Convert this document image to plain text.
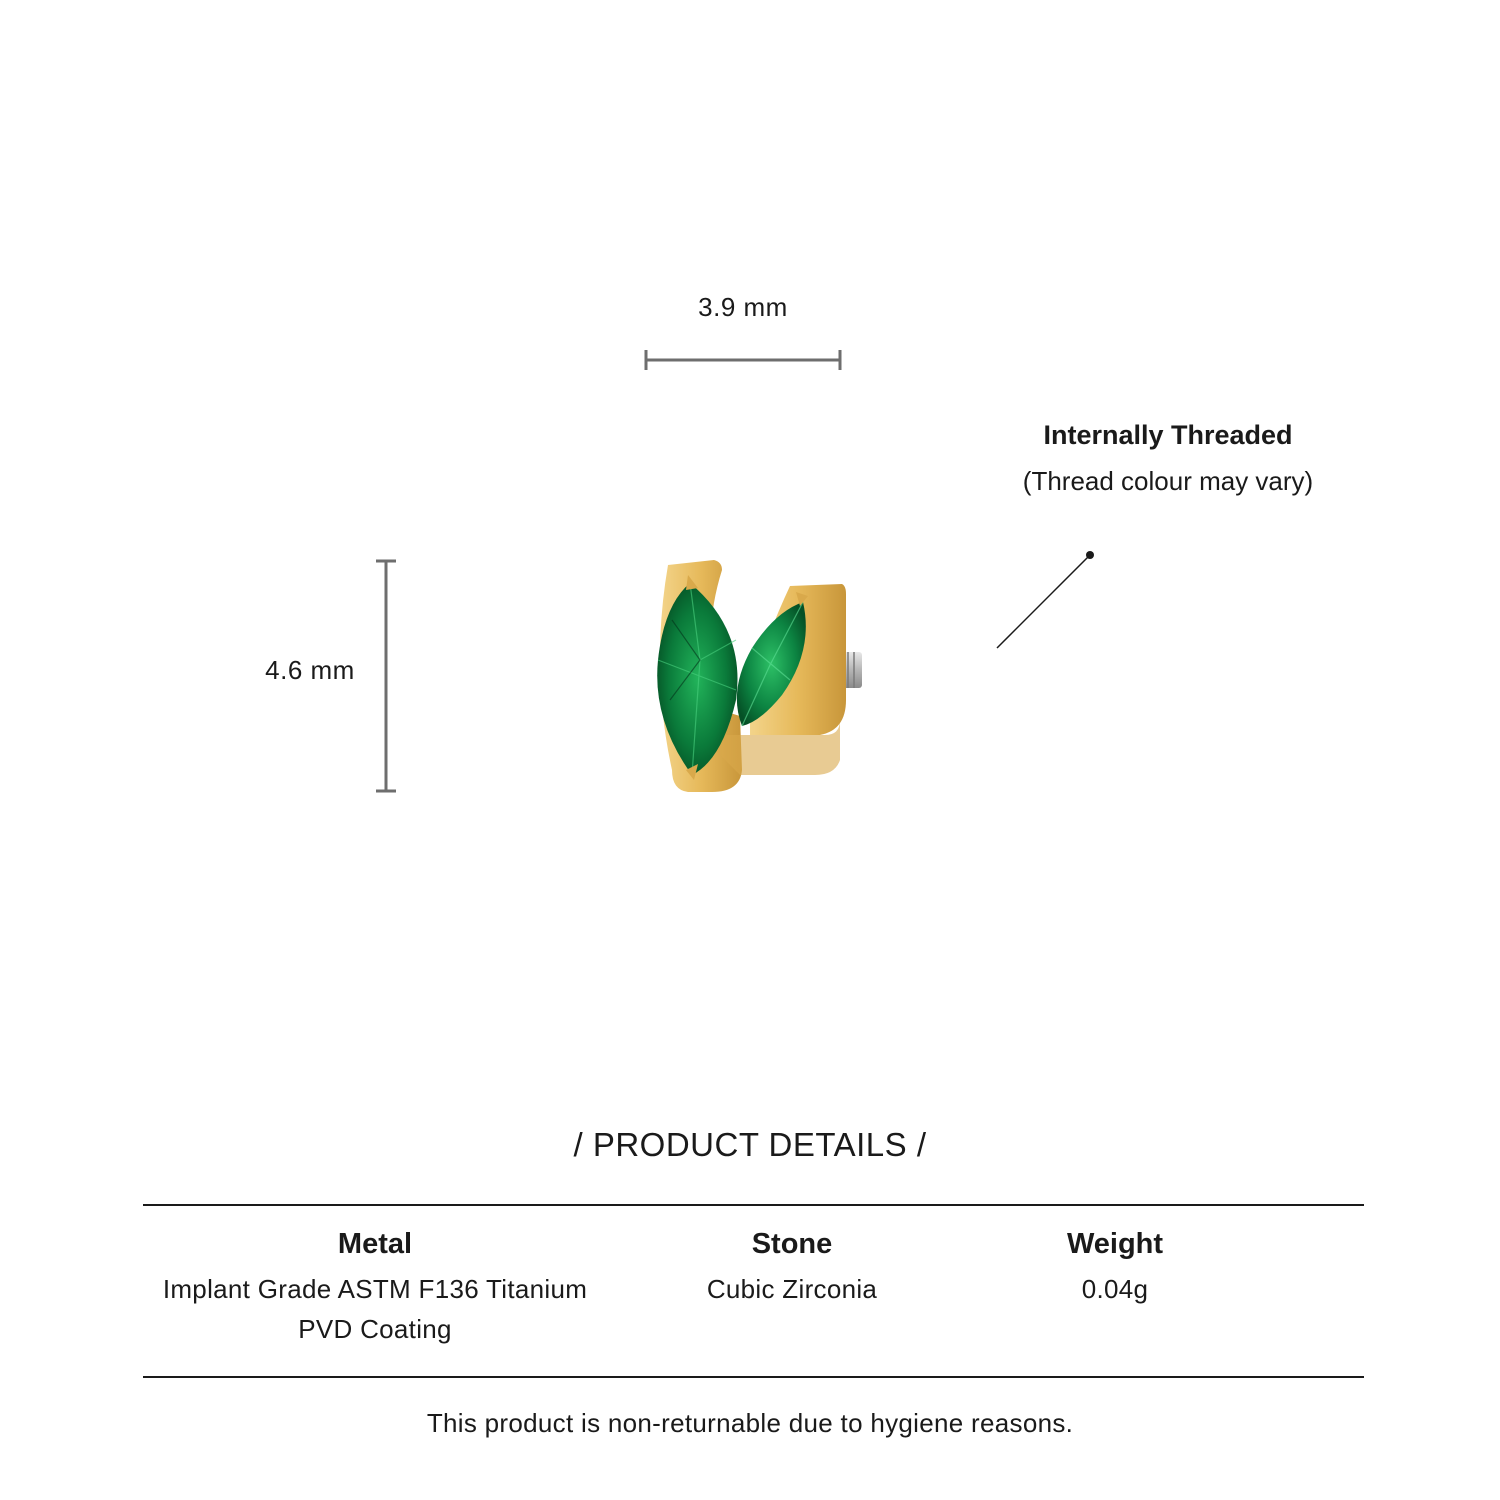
3.9 mm
4.6 mm
Internally Threaded
(Thread colour may vary)
/ PRODUCT DETAILS /
Metal
Implant Grade ASTM F136 Titanium
PVD Coating
Stone
Cubic Zirconia
Weight
0.04g
This product is non-returnable due to hygiene reasons.
